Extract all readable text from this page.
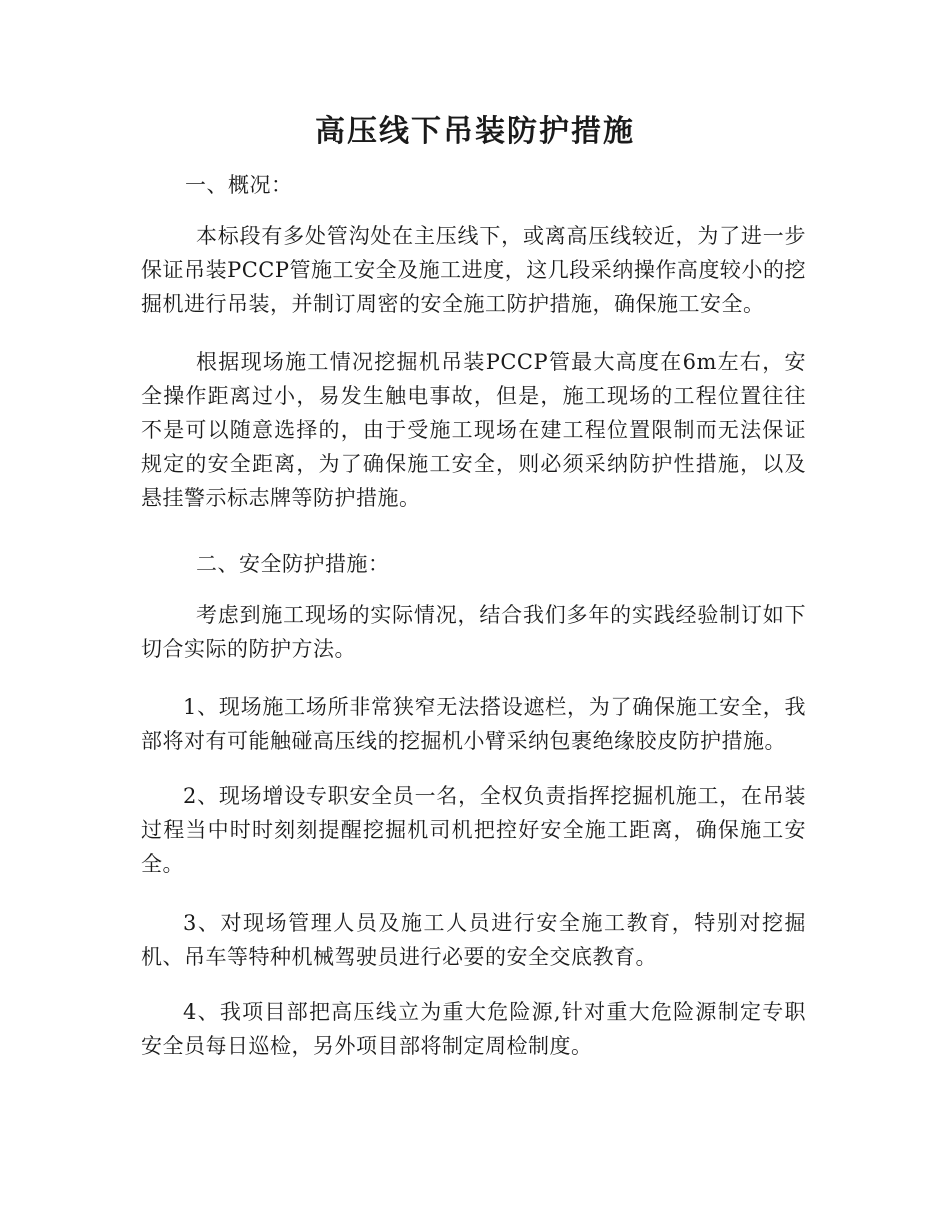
高压线下吊装防护措施

一、概况：

本标段有多处管沟处在主压线下，或离高压线较近，为了进一步保证吊装PCCP管施工安全及施工进度，这几段采纳操作高度较小的挖掘机进行吊装，并制订周密的安全施工防护措施，确保施工安全。

根据现场施工情况挖掘机吊装PCCP管最大高度在6m左右，安全操作距离过小，易发生触电事故，但是，施工现场的工程位置往往不是可以随意选择的，由于受施工现场在建工程位置限制而无法保证规定的安全距离，为了确保施工安全，则必须采纳防护性措施，以及悬挂警示标志牌等防护措施。

二、安全防护措施：

考虑到施工现场的实际情况，结合我们多年的实践经验制订如下切合实际的防护方法。

1、现场施工场所非常狭窄无法搭设遮栏，为了确保施工安全，我部将对有可能触碰高压线的挖掘机小臂采纳包裹绝缘胶皮防护措施。

2、现场增设专职安全员一名，全权负责指挥挖掘机施工，在吊装过程当中时时刻刻提醒挖掘机司机把控好安全施工距离，确保施工安全。

3、对现场管理人员及施工人员进行安全施工教育，特别对挖掘机、吊车等特种机械驾驶员进行必要的安全交底教育。

4、我项目部把高压线立为重大危险源,针对重大危险源制定专职安全员每日巡检，另外项目部将制定周检制度。
